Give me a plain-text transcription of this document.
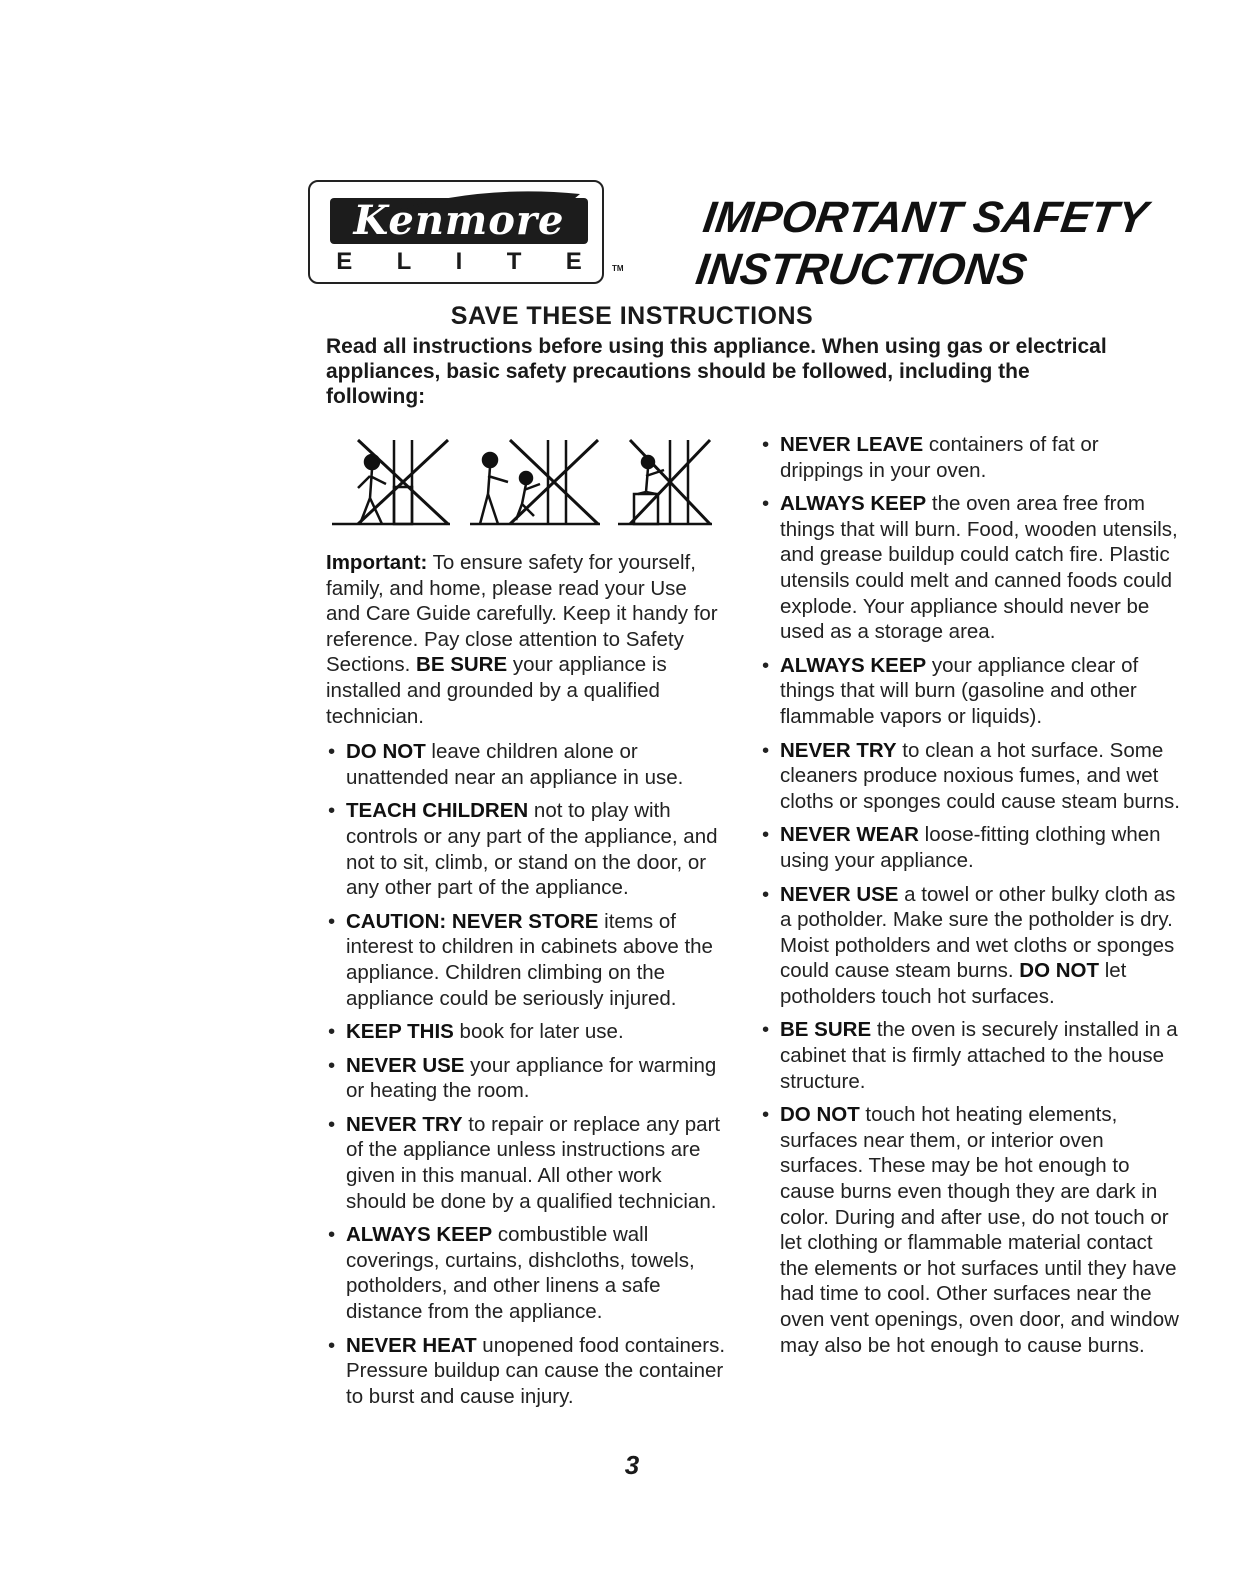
Kenmore
E L I T E	TM
IMPORTANT SAFETY
INSTRUCTIONS
SAVE THESE INSTRUCTIONS
Read all instructions before using this appliance. When using gas or electrical appliances, basic safety precautions should be followed, including the following:

Important: To ensure safety for yourself, family, and home, please read your Use and Care Guide carefully. Keep it handy for reference. Pay close attention to Safety Sections. BE SURE your appliance is installed and grounded by a qualified technician.

• DO NOT leave children alone or unattended near an appliance in use.
• TEACH CHILDREN not to play with controls or any part of the appliance, and not to sit, climb, or stand on the door, or any other part of the appliance.
• CAUTION: NEVER STORE items of interest to children in cabinets above the appliance. Children climbing on the appliance could be seriously injured.
• KEEP THIS book for later use.
• NEVER USE your appliance for warming or heating the room.
• NEVER TRY to repair or replace any part of the appliance unless instructions are given in this manual. All other work should be done by a qualified technician.
• ALWAYS KEEP combustible wall coverings, curtains, dishcloths, towels, potholders, and other linens a safe distance from the appliance.
• NEVER HEAT unopened food containers. Pressure buildup can cause the container to burst and cause injury.
• NEVER LEAVE containers of fat or drippings in your oven.
• ALWAYS KEEP the oven area free from things that will burn. Food, wooden utensils, and grease buildup could catch fire. Plastic utensils could melt and canned foods could explode. Your appliance should never be used as a storage area.
• ALWAYS KEEP your appliance clear of things that will burn (gasoline and other flammable vapors or liquids).
• NEVER TRY to clean a hot surface. Some cleaners produce noxious fumes, and wet cloths or sponges could cause steam burns.
• NEVER WEAR loose-fitting clothing when using your appliance.
• NEVER USE a towel or other bulky cloth as a potholder. Make sure the potholder is dry. Moist potholders and wet cloths or sponges could cause steam burns. DO NOT let potholders touch hot surfaces.
• BE SURE the oven is securely installed in a cabinet that is firmly attached to the house structure.
• DO NOT touch hot heating elements, surfaces near them, or interior oven surfaces. These may be hot enough to cause burns even though they are dark in color. During and after use, do not touch or let clothing or flammable material contact the elements or hot surfaces until they have had time to cool. Other surfaces near the oven vent openings, oven door, and window may also be hot enough to cause burns.
3
